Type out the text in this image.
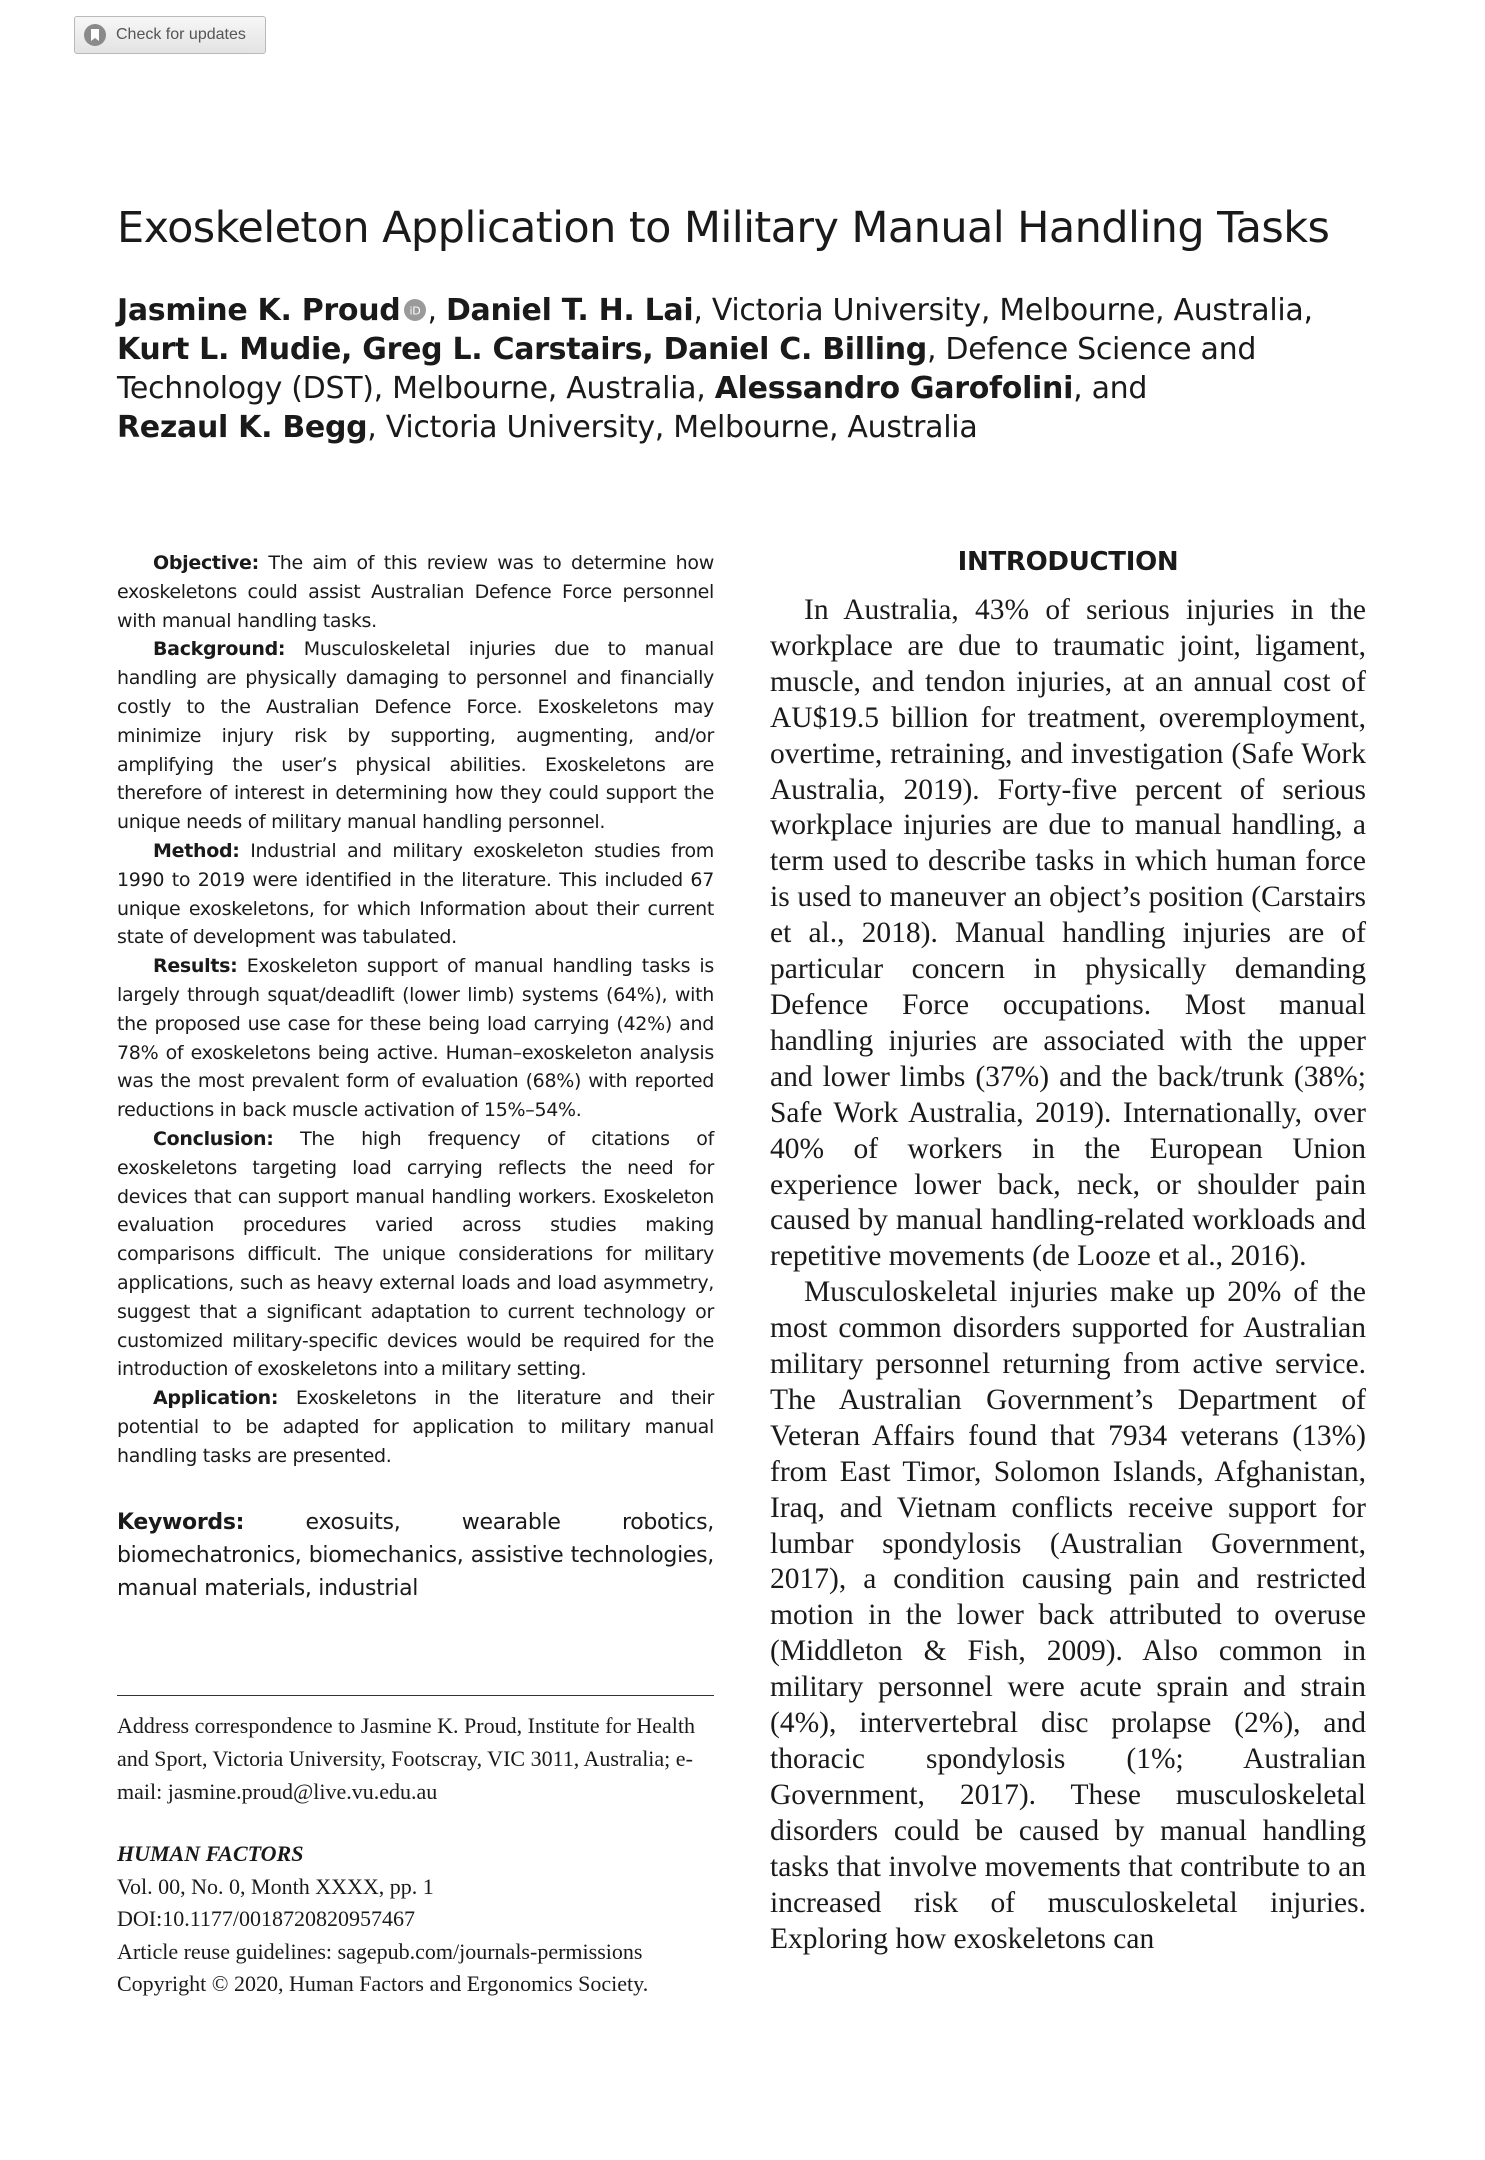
Check for updates
Exoskeleton Application to Military Manual Handling Tasks

Jasmine K. Proud iD , Daniel T. H. Lai, Victoria University, Melbourne, Australia,
Kurt L. Mudie, Greg L. Carstairs, Daniel C. Billing, Defence Science and Technology (DST), Melbourne, Australia, Alessandro Garofolini, and
Rezaul K. Begg, Victoria University, Melbourne, Australia

Objective: The aim of this review was to determine how exoskeletons could assist Australian Defence Force personnel with manual handling tasks.

Background: Musculoskeletal injuries due to manual handling are physically damaging to personnel and financially costly to the Australian Defence Force. Exoskeletons may minimize injury risk by supporting, augmenting, and/or amplifying the user’s physical abilities. Exoskeletons are therefore of interest in determining how they could support the unique needs of military manual handling personnel.

Method: Industrial and military exoskeleton studies from 1990 to 2019 were identified in the literature. This included 67 unique exoskeletons, for which Information about their current state of development was tabulated.

Results: Exoskeleton support of manual handling tasks is largely through squat/deadlift (lower limb) systems (64%), with the proposed use case for these being load carrying (42%) and 78% of exoskeletons being active. Human–exoskeleton analysis was the most prevalent form of evaluation (68%) with reported reductions in back muscle activation of 15%–54%.

Conclusion: The high frequency of citations of exoskeletons targeting load carrying reflects the need for devices that can support manual handling workers. Exoskeleton evaluation procedures varied across studies making comparisons difficult. The unique considerations for military applications, such as heavy external loads and load asymmetry, suggest that a significant adaptation to current technology or customized military-specific devices would be required for the introduction of exoskeletons into a military setting.

Application: Exoskeletons in the literature and their potential to be adapted for application to military manual handling tasks are presented.

Keywords: exosuits, wearable robotics, biomechatronics, biomechanics, assistive technologies, manual materials, industrial

Address correspondence to Jasmine K. Proud, Institute for Health and Sport, Victoria University, Footscray, VIC 3011, Australia; e-mail: jasmine.proud@live.vu.edu.au

HUMAN FACTORS
Vol. 00, No. 0, Month XXXX, pp. 1
DOI:10.1177/0018720820957467
Article reuse guidelines: sagepub.com/journals-permissions
Copyright © 2020, Human Factors and Ergonomics Society.
INTRODUCTION

In Australia, 43% of serious injuries in the workplace are due to traumatic joint, ligament, muscle, and tendon injuries, at an annual cost of AU$19.5 billion for treatment, overemployment, overtime, retraining, and investigation (Safe Work Australia, 2019). Forty-five percent of serious workplace injuries are due to manual handling, a term used to describe tasks in which human force is used to maneuver an object’s position (Carstairs et al., 2018). Manual handling injuries are of particular concern in physically demanding Defence Force occupations. Most manual handling injuries are associated with the upper and lower limbs (37%) and the back/trunk (38%; Safe Work Australia, 2019). Internationally, over 40% of workers in the European Union experience lower back, neck, or shoulder pain caused by manual handling-related workloads and repetitive movements (de Looze et al., 2016).

Musculoskeletal injuries make up 20% of the most common disorders supported for Australian military personnel returning from active service. The Australian Government’s Department of Veteran Affairs found that 7934 veterans (13%) from East Timor, Solomon Islands, Afghanistan, Iraq, and Vietnam conflicts receive support for lumbar spondylosis (Australian Government, 2017), a condition causing pain and restricted motion in the lower back attributed to overuse (Middleton & Fish, 2009). Also common in military personnel were acute sprain and strain (4%), intervertebral disc prolapse (2%), and thoracic spondylosis (1%; Australian Government, 2017). These musculoskeletal disorders could be caused by manual handling tasks that involve movements that contribute to an increased risk of musculoskeletal injuries. Exploring how exoskeletons can
